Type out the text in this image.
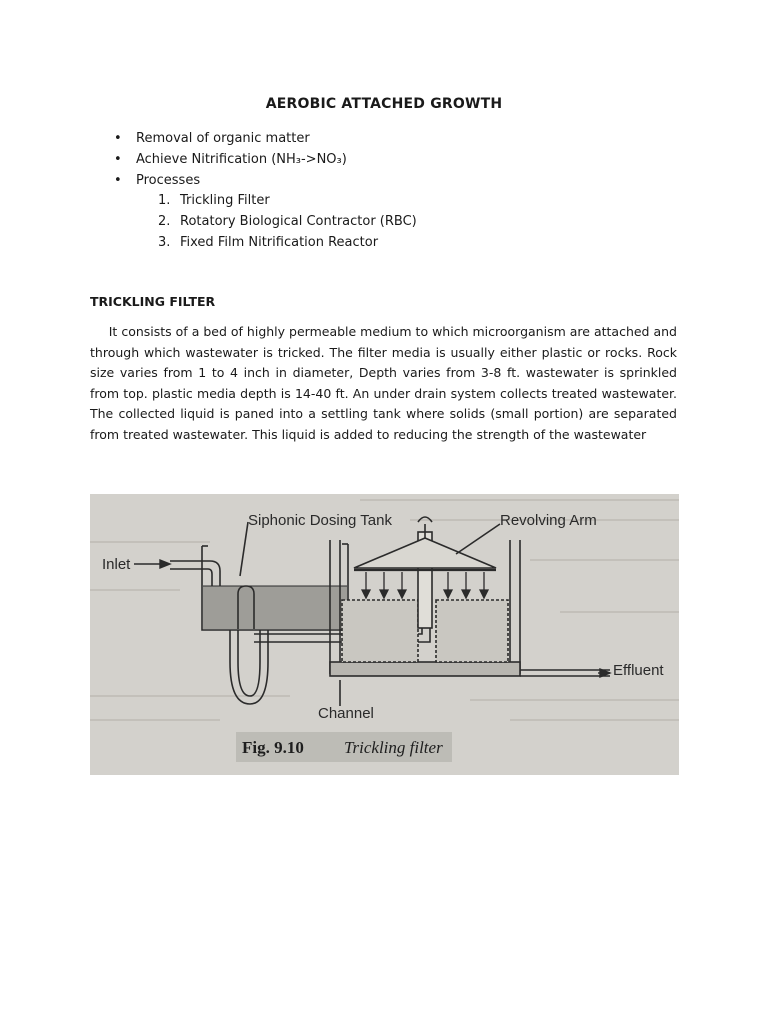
AEROBIC ATTACHED GROWTH
• Removal of organic matter
• Achieve Nitrification (NH₃->NO₃)
• Processes
1. Trickling Filter
2. Rotatory Biological Contractor (RBC)
3. Fixed Film Nitrification Reactor
TRICKLING FILTER

  It consists of a bed of highly permeable medium to which microorganism are attached and through which wastewater is tricked. The filter media is usually either plastic or rocks. Rock size varies from 1 to 4 inch in diameter, Depth varies from 3-8 ft. wastewater is sprinkled from top. plastic media depth is 14-40 ft. An under drain system collects treated wastewater. The collected liquid is paned into a settling tank where solids (small portion) are separated from treated wastewater. This liquid is added to reducing the strength of the wastewater

Siphonic Dosing Tank	Revolving Arm
Inlet
Effluent
Channel
Fig. 9.10 Trickling filter
